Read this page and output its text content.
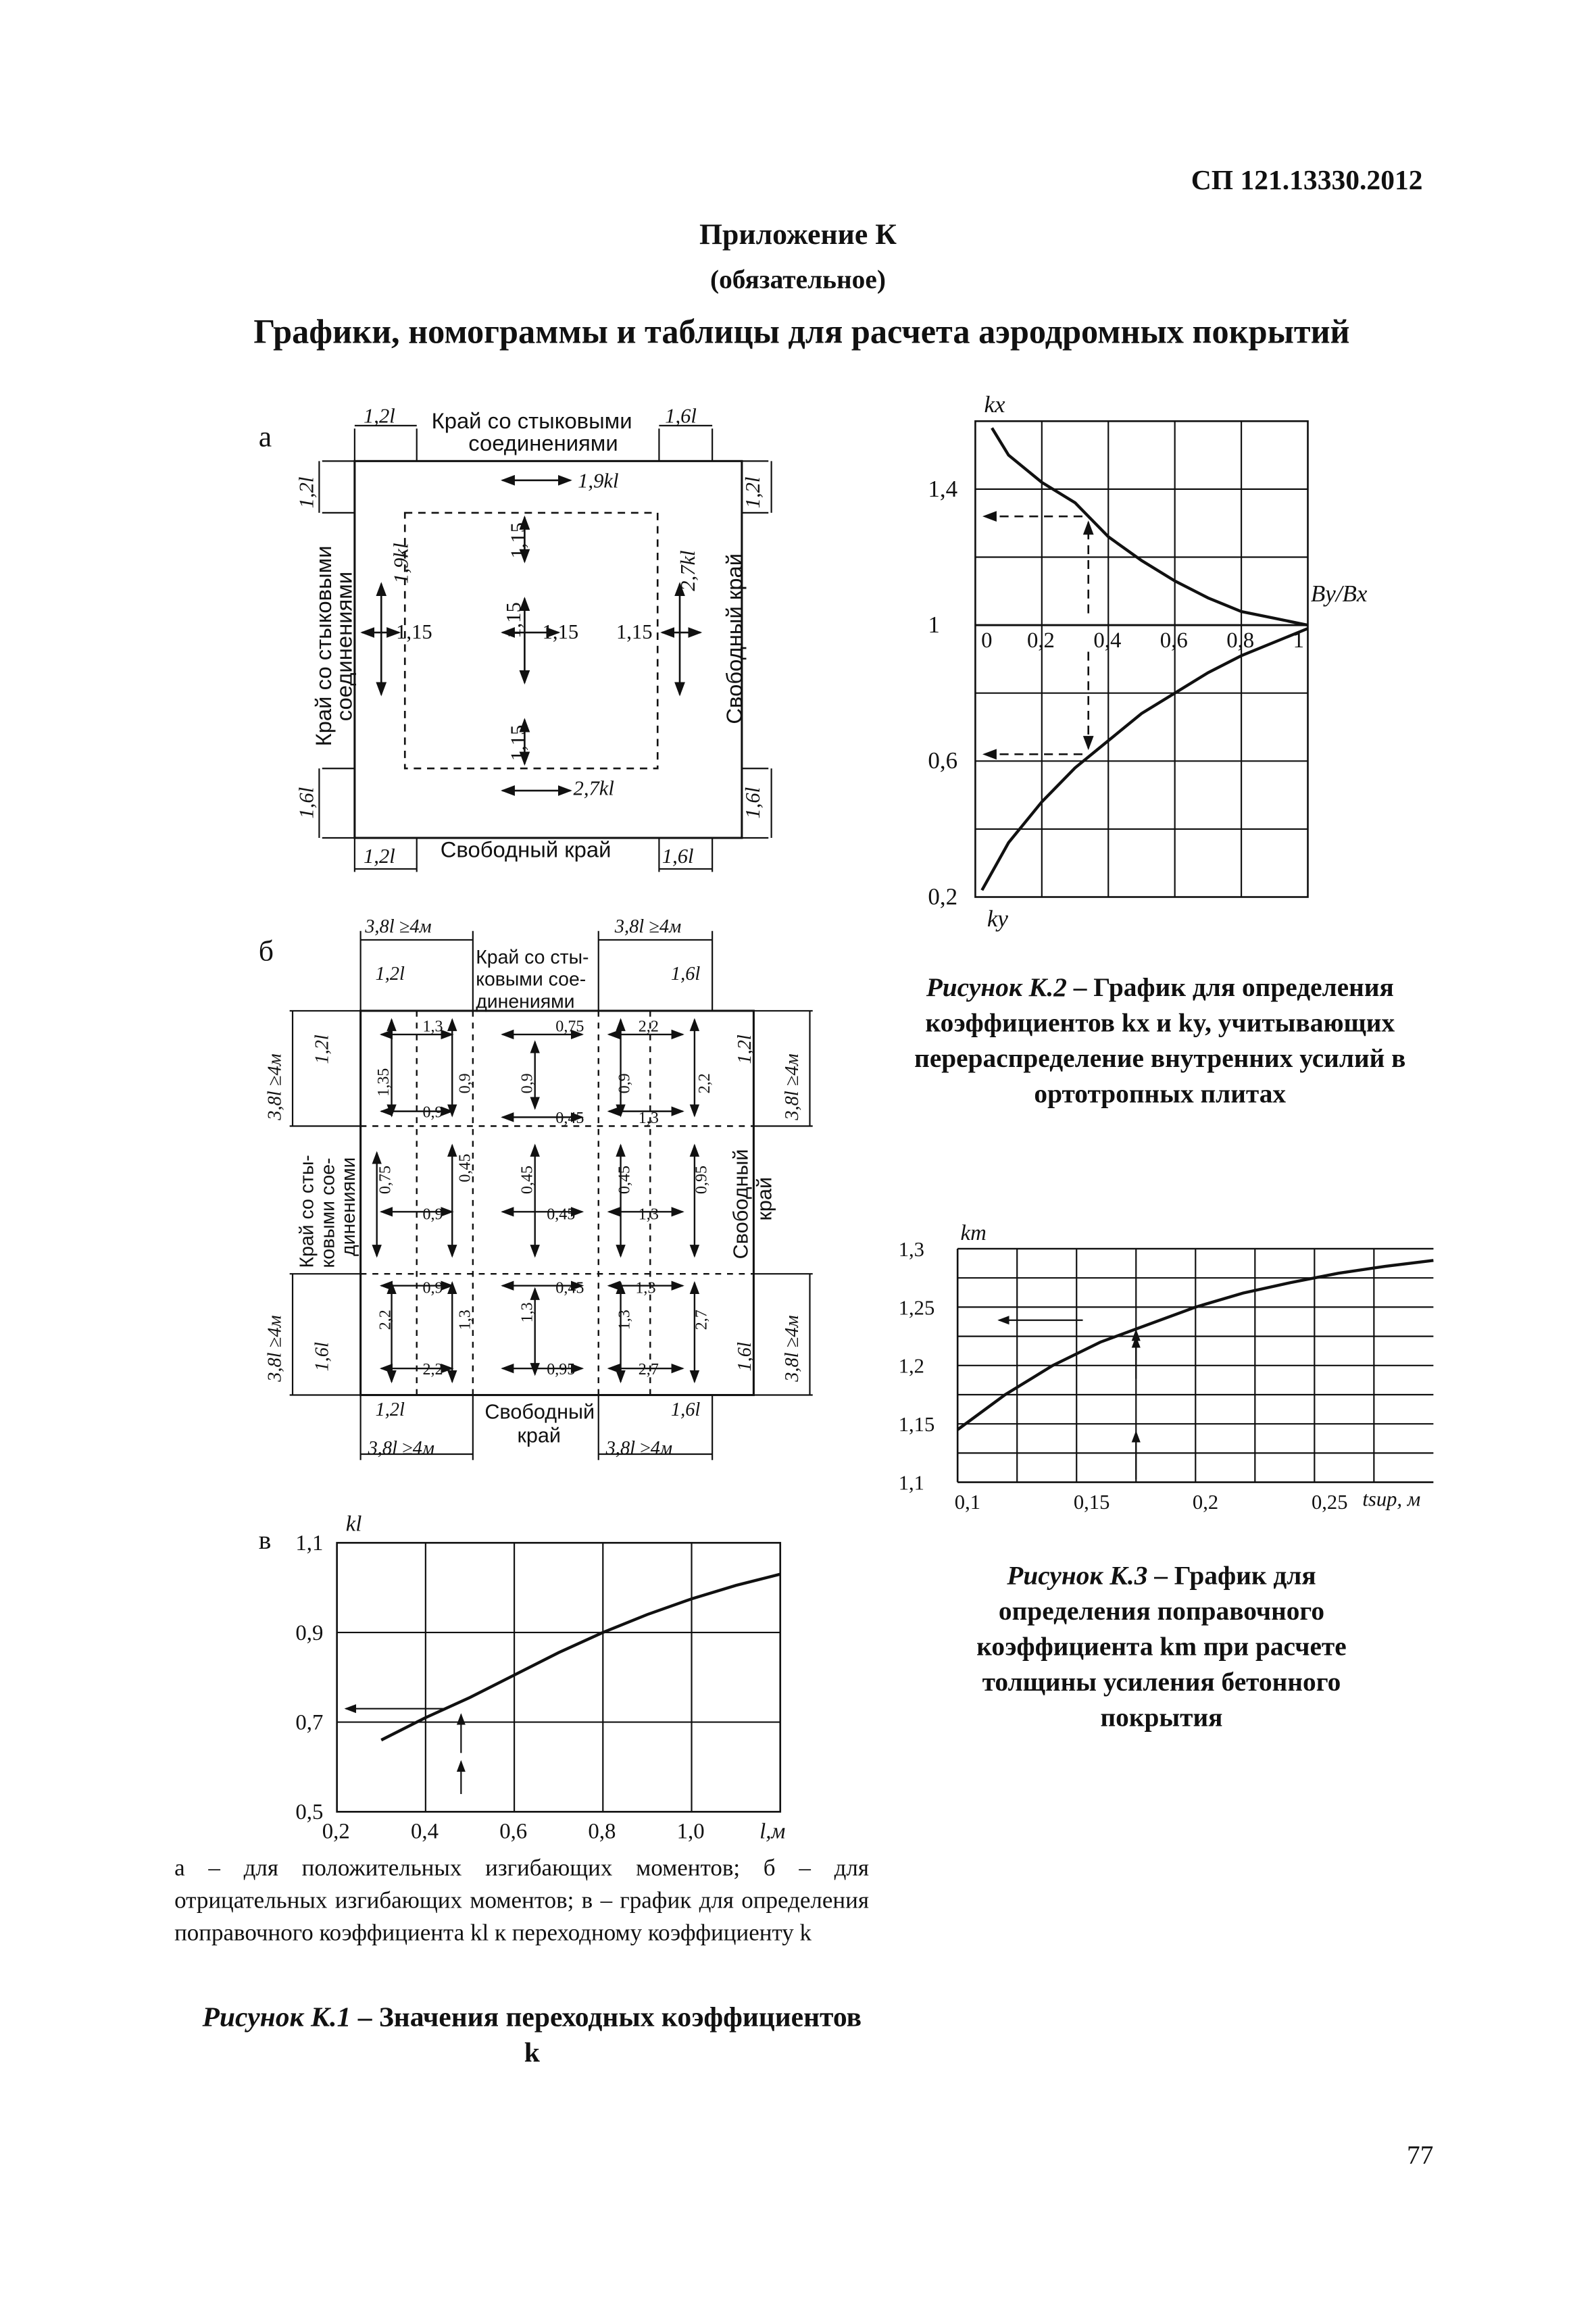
СП 121.13330.2012
Приложение К
(обязательное)
Графики, номограммы и таблицы для расчета аэродромных покрытий
а	Край со стыковыми
соединениями
Свободный край
Край со стыковыми
соединениями	Свободный край
1,2l	1,6l
1,2l	1,6l
1,2l	1,2l
1,6l	1,6l
1,9kl
2,7kl
1,9kl	2,7kl
1,15	1,15	1,15
1,15
1,15
1,15
б
3,8l ≥4м	3,8l ≥4м
1,2l	1,6l
1,2l	1,6l
3,8l ≥4м	3,8l ≥4м
3,8l ≥4м	3,8l ≥4м
3,8l ≥4м	3,8l ≥4м
1,2l	1,2l
1,6l	1,6l
Край со сты-
ковыми сое-
динениями
Свободный
край
Край со сты-
ковыми сое-
динениями	Свободный край
1,3	0,75	2,2
1,35	0,9	0,9	0,9	2,2
0,9	0,45	1,3
0,75	0,45	0,45	0,45	0,95
0,9	0,45	1,3
0,9	0,45	1,3
2,2	1,3	1,3	1,3	2,7
2,2	0,95	2,7
в
0,2	0,4	0,6	0,8	1,0
0,5
0,7
0,9
1,1
kl
l,м
а – для положительных изгибающих моментов; б – для отрицательных изгибающих моментов; в – график для определения поправочного коэффициента kl к переходному коэффициенту k
Рисунок К.1 – Значения переходных коэффициентов k
0	0,2	0,4	0,6	0,8	1
0,2
0,6
1
1,4
kx
ky
By/Bx
Рисунок К.2 – График для определения коэффициентов kx и ky, учитывающих перераспределение внутренних усилий в ортотропных плитах
0,1	0,15	0,2	0,25
1,1
1,15
1,2
1,25
1,3
km
tsup, м
Рисунок К.3 – График для определения поправочного коэффициента km при расчете толщины усиления бетонного покрытия
77
